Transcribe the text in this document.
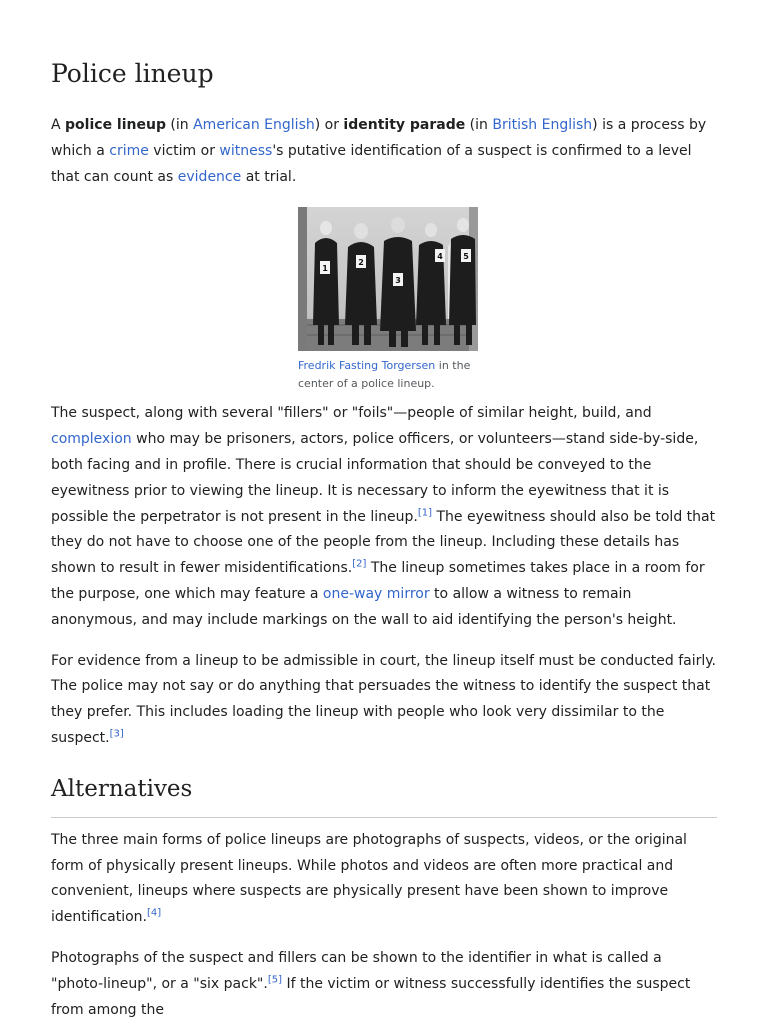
Police lineup

A police lineup (in American English) or identity parade (in British English) is a process by which a crime victim or witness's putative identification of a suspect is confirmed to a level that can count as evidence at trial.

1
2
3
4	5
Fredrik Fasting Torgersen in the center of a police lineup.

The suspect, along with several "fillers" or "foils"—people of similar height, build, and complexion who may be prisoners, actors, police officers, or volunteers—stand side-by-side, both facing and in profile. There is crucial information that should be conveyed to the eyewitness prior to viewing the lineup. It is necessary to inform the eyewitness that it is possible the perpetrator is not present in the lineup.[1] The eyewitness should also be told that they do not have to choose one of the people from the lineup. Including these details has shown to result in fewer misidentifications.[2] The lineup sometimes takes place in a room for the purpose, one which may feature a one-way mirror to allow a witness to remain anonymous, and may include markings on the wall to aid identifying the person's height.

For evidence from a lineup to be admissible in court, the lineup itself must be conducted fairly. The police may not say or do anything that persuades the witness to identify the suspect that they prefer. This includes loading the lineup with people who look very dissimilar to the suspect.[3]

Alternatives

The three main forms of police lineups are photographs of suspects, videos, or the original form of physically present lineups. While photos and videos are often more practical and convenient, lineups where suspects are physically present have been shown to improve identification.[4]

Photographs of the suspect and fillers can be shown to the identifier in what is called a "photo-lineup", or a "six pack".[5] If the victim or witness successfully identifies the suspect from among the
